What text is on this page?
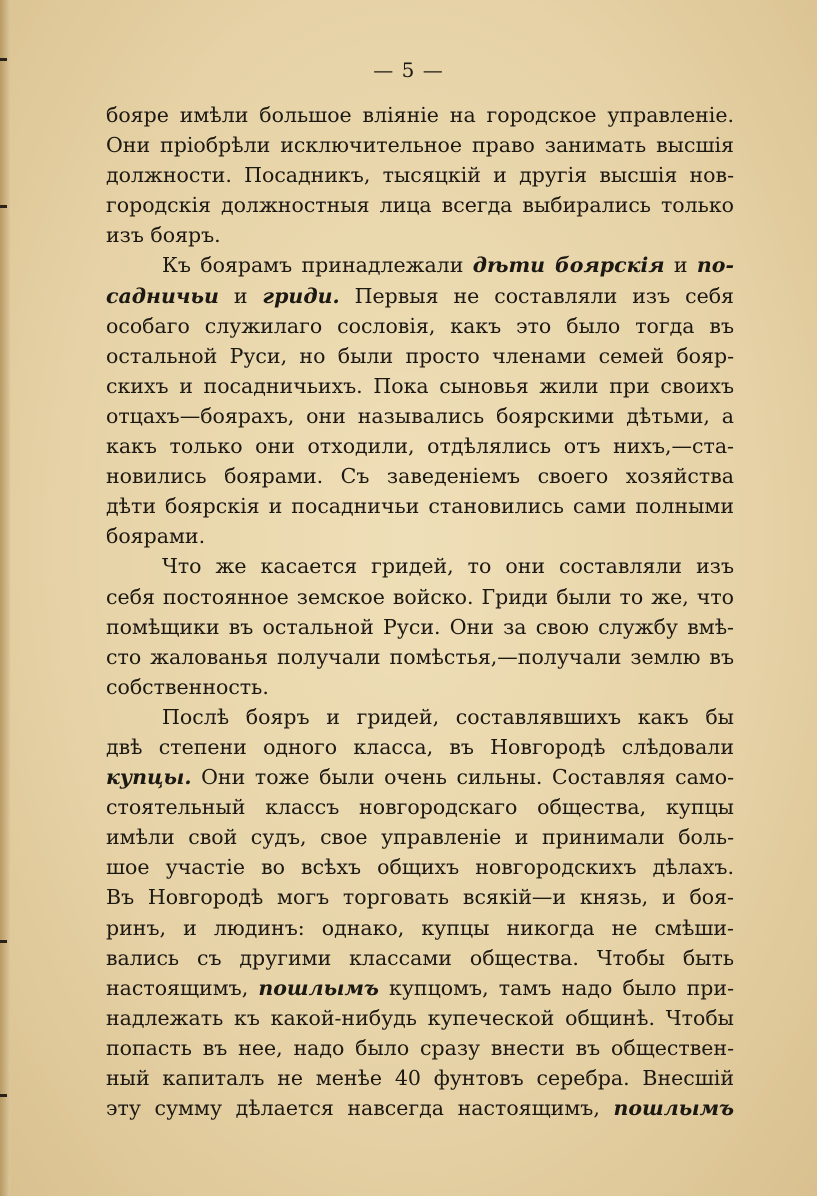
— 5 —
бояре имѣли большое вліяніе на городское управленіе.
Они пріобрѣли исключительное право занимать высшія
должности. Посадникъ, тысяцкій и другія высшія нов-
городскія должностныя лица всегда выбирались только
изъ бояръ.
Къ боярамъ принадлежали дѣти боярскія и по-
садничьи и гриди. Первыя не составляли изъ себя
особаго служилаго сословія, какъ это было тогда въ
остальной Руси, но были просто членами семей бояр-
скихъ и посадничьихъ. Пока сыновья жили при своихъ
отцахъ—боярахъ, они назывались боярскими дѣтьми, а
какъ только они отходили, отдѣлялись отъ нихъ,—ста-
новились боярами. Съ заведеніемъ своего хозяйства
дѣти боярскія и посадничьи становились сами полными
боярами.
Что же касается гридей, то они составляли изъ
себя постоянное земское войско. Гриди были то же, что
помѣщики въ остальной Руси. Они за свою службу вмѣ-
сто жалованья получали помѣстья,—получали землю въ
собственность.
Послѣ бояръ и гридей, составлявшихъ какъ бы
двѣ степени одного класса, въ Новгородѣ слѣдовали
купцы. Они тоже были очень сильны. Составляя само-
стоятельный классъ новгородскаго общества, купцы
имѣли свой судъ, свое управленіе и принимали боль-
шое участіе во всѣхъ общихъ новгородскихъ дѣлахъ.
Въ Новгородѣ могъ торговать всякій—и князь, и боя-
ринъ, и людинъ: однако, купцы никогда не смѣши-
вались съ другими классами общества. Чтобы быть
настоящимъ, пошлымъ купцомъ, тамъ надо было при-
надлежать къ какой-нибудь купеческой общинѣ. Чтобы
попасть въ нее, надо было сразу внести въ обществен-
ный капиталъ не менѣе 40 фунтовъ серебра. Внесшій
эту сумму дѣлается навсегда настоящимъ, пошлымъ
